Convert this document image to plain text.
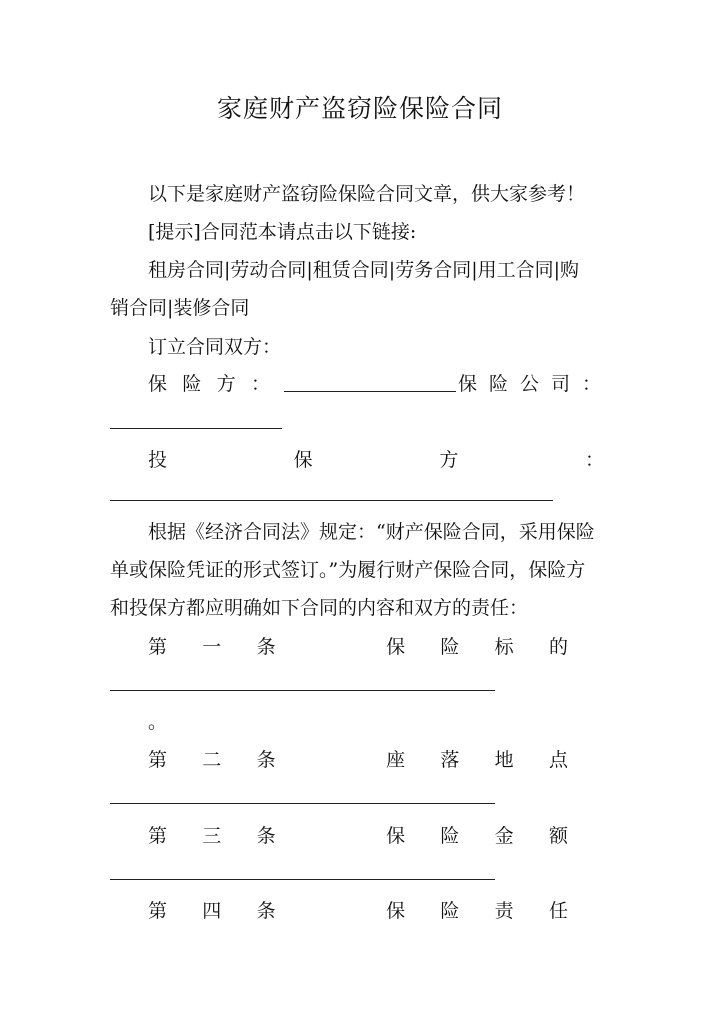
家庭财产盗窃险保险合同
以下是家庭财产盗窃险保险合同文章，供大家参考！
[提示]合同范本请点击以下链接:
租房合同|劳动合同|租赁合同|劳务合同|用工合同|购
销合同|装修合同
订立合同双方：
保 险 方 ：	保 险 公 司 ：
投	保	方	：
根据《经济合同法》规定：“财产保险合同，采用保险
单或保险凭证的形式签订。”为履行财产保险合同，保险方
和投保方都应明确如下合同的内容和双方的责任：
第 一 条	保 险 标 的
。
第 二 条	座 落 地 点
第 三 条	保 险 金 额
第 四 条	保 险 责 任
